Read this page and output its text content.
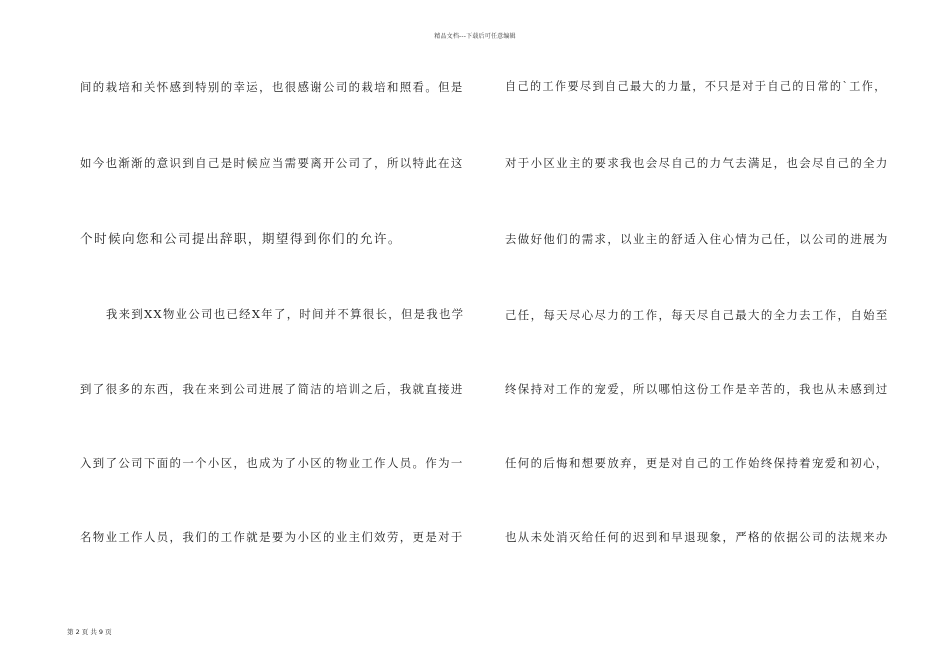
精品文档---下载后可任意编辑
间的栽培和关怀感到特别的幸运，也很感谢公司的栽培和照看。但是
如今也渐渐的意识到自己是时候应当需要离开公司了，所以特此在这
个时候向您和公司提出辞职，期望得到你们的允许。
我来到XX物业公司也已经X年了，时间并不算很长，但是我也学
到了很多的东西，我在来到公司进展了简洁的培训之后，我就直接进
入到了公司下面的一个小区，也成为了小区的物业工作人员。作为一
名物业工作人员，我们的工作就是要为小区的业主们效劳，更是对于
自己的工作要尽到自己最大的力量，不只是对于自己的日常的`工作，
对于小区业主的要求我也会尽自己的力气去满足，也会尽自己的全力
去做好他们的需求，以业主的舒适入住心情为己任，以公司的进展为
己任，每天尽心尽力的工作，每天尽自己最大的全力去工作，自始至
终保持对工作的宠爱，所以哪怕这份工作是辛苦的，我也从未感到过
任何的后悔和想要放弃，更是对自己的工作始终保持着宠爱和初心，
也从未处消灭给任何的迟到和早退现象，严格的依据公司的法规来办
第 2 页 共 9 页
